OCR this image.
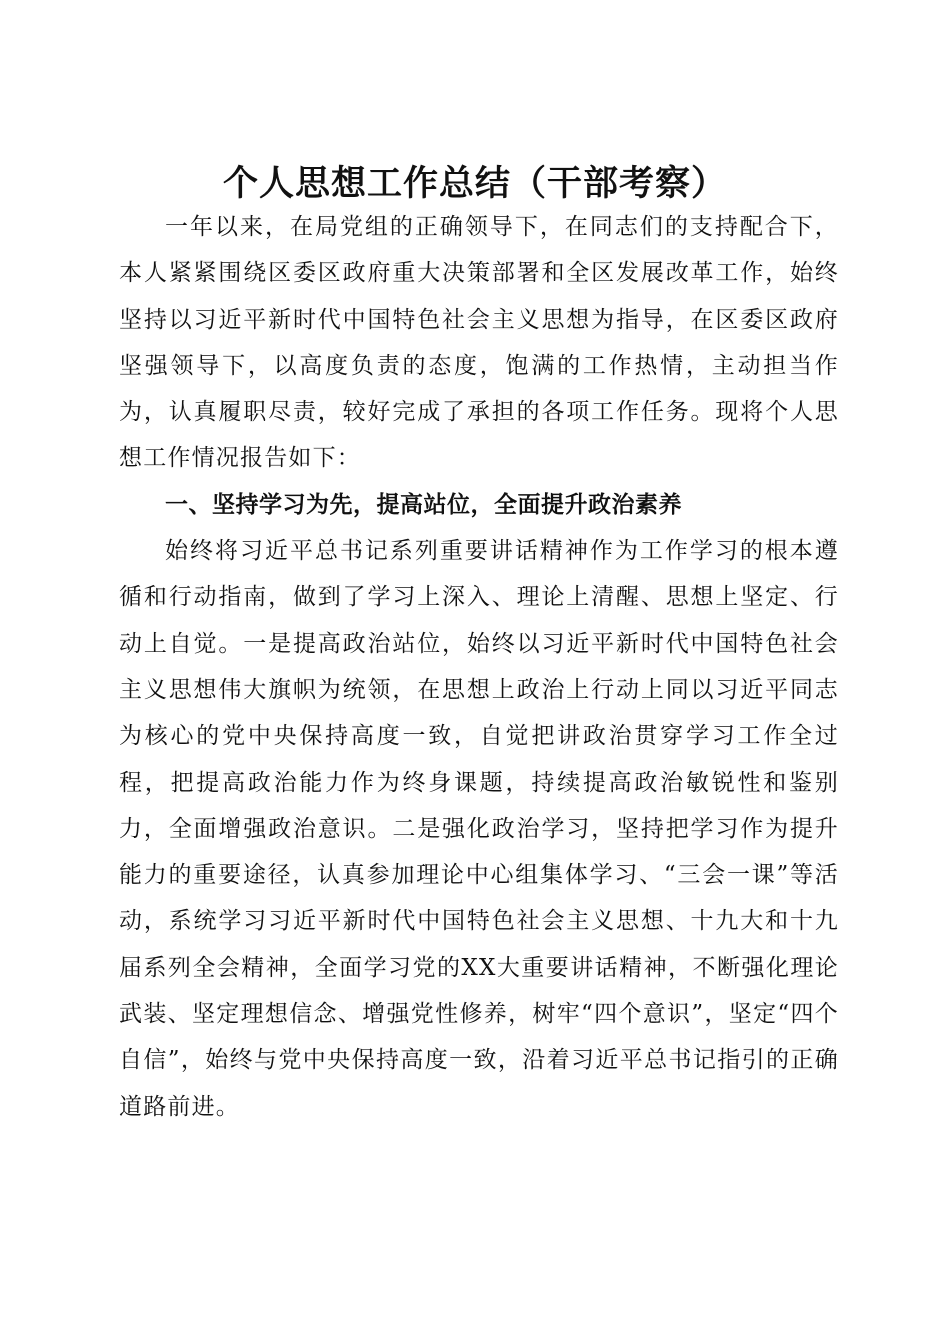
个人思想工作总结（干部考察）

一年以来，在局党组的正确领导下，在同志们的支持配合下，本人紧紧围绕区委区政府重大决策部署和全区发展改革工作，始终坚持以习近平新时代中国特色社会主义思想为指导，在区委区政府坚强领导下，以高度负责的态度，饱满的工作热情，主动担当作为，认真履职尽责，较好完成了承担的各项工作任务。现将个人思想工作情况报告如下：

一、坚持学习为先，提高站位，全面提升政治素养

始终将习近平总书记系列重要讲话精神作为工作学习的根本遵循和行动指南，做到了学习上深入、理论上清醒、思想上坚定、行动上自觉。一是提高政治站位，始终以习近平新时代中国特色社会主义思想伟大旗帜为统领，在思想上政治上行动上同以习近平同志为核心的党中央保持高度一致，自觉把讲政治贯穿学习工作全过程，把提高政治能力作为终身课题，持续提高政治敏锐性和鉴别力，全面增强政治意识。二是强化政治学习，坚持把学习作为提升能力的重要途径，认真参加理论中心组集体学习、“三会一课”等活动，系统学习习近平新时代中国特色社会主义思想、十九大和十九届系列全会精神，全面学习党的XX大重要讲话精神，不断强化理论武装、坚定理想信念、增强党性修养，树牢“四个意识”，坚定“四个自信”，始终与党中央保持高度一致，沿着习近平总书记指引的正确道路前进。
